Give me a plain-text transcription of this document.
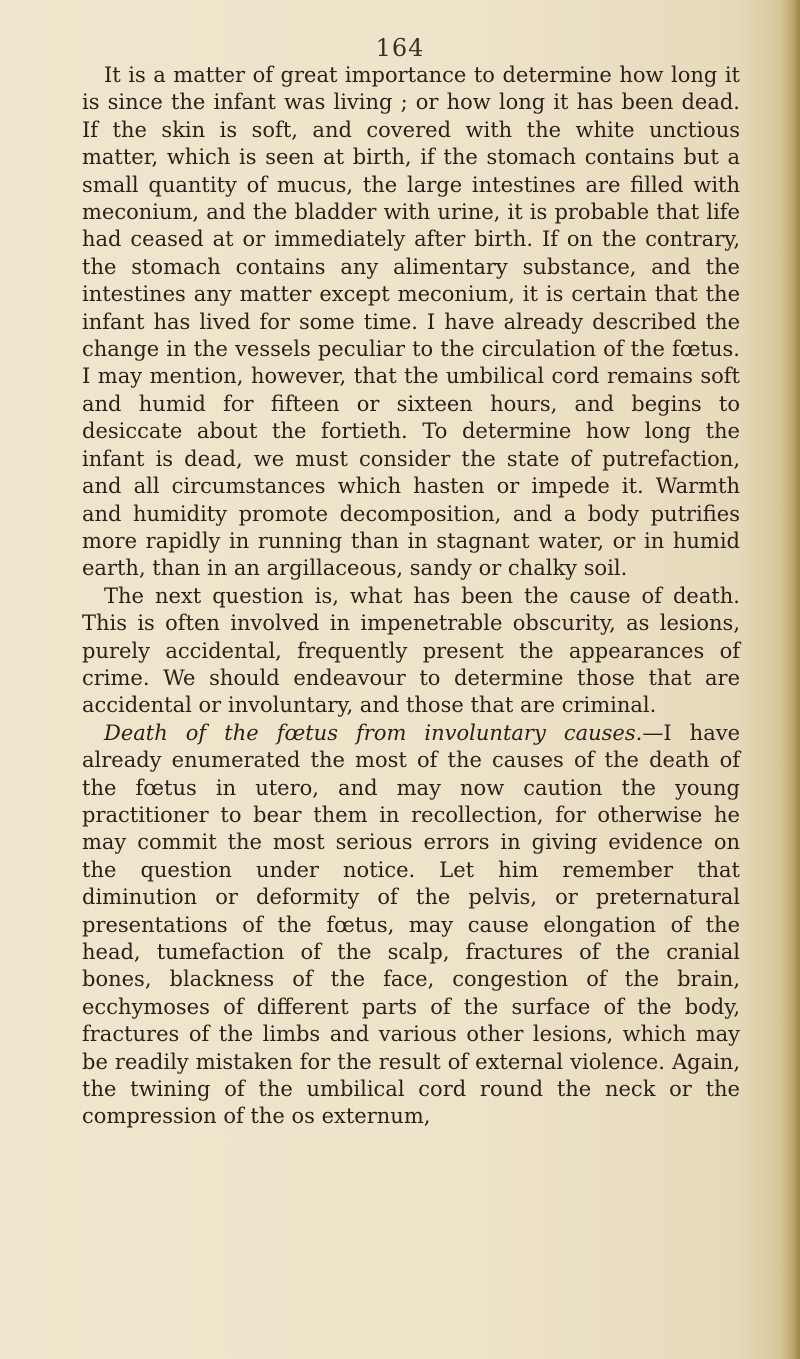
164

It is a matter of great importance to determine how long it is since the infant was living ; or how long it has been dead. If the skin is soft, and covered with the white unctious matter, which is seen at birth, if the stomach contains but a small quantity of mucus, the large intestines are filled with meconium, and the bladder with urine, it is probable that life had ceased at or immediately after birth. If on the contrary, the stomach contains any alimentary substance, and the intestines any matter except meconium, it is certain that the infant has lived for some time. I have already described the change in the vessels peculiar to the circulation of the fœtus. I may mention, however, that the umbilical cord remains soft and humid for fifteen or sixteen hours, and begins to desiccate about the fortieth. To determine how long the infant is dead, we must consider the state of putrefaction, and all circumstances which hasten or impede it. Warmth and humidity promote decomposition, and a body putrifies more rapidly in running than in stagnant water, or in humid earth, than in an argillaceous, sandy or chalky soil.

The next question is, what has been the cause of death. This is often involved in impenetrable obscurity, as lesions, purely accidental, frequently present the appearances of crime. We should endeavour to determine those that are accidental or involuntary, and those that are criminal.

Death of the fœtus from involuntary causes.—I have already enumerated the most of the causes of the death of the fœtus in utero, and may now caution the young practitioner to bear them in recollection, for otherwise he may commit the most serious errors in giving evidence on the question under notice. Let him remember that diminution or deformity of the pelvis, or preternatural presentations of the fœtus, may cause elongation of the head, tumefaction of the scalp, fractures of the cranial bones, blackness of the face, congestion of the brain, ecchymoses of different parts of the surface of the body, fractures of the limbs and various other lesions, which may be readily mistaken for the result of external violence. Again, the twining of the umbilical cord round the neck or the compression of the os externum,
